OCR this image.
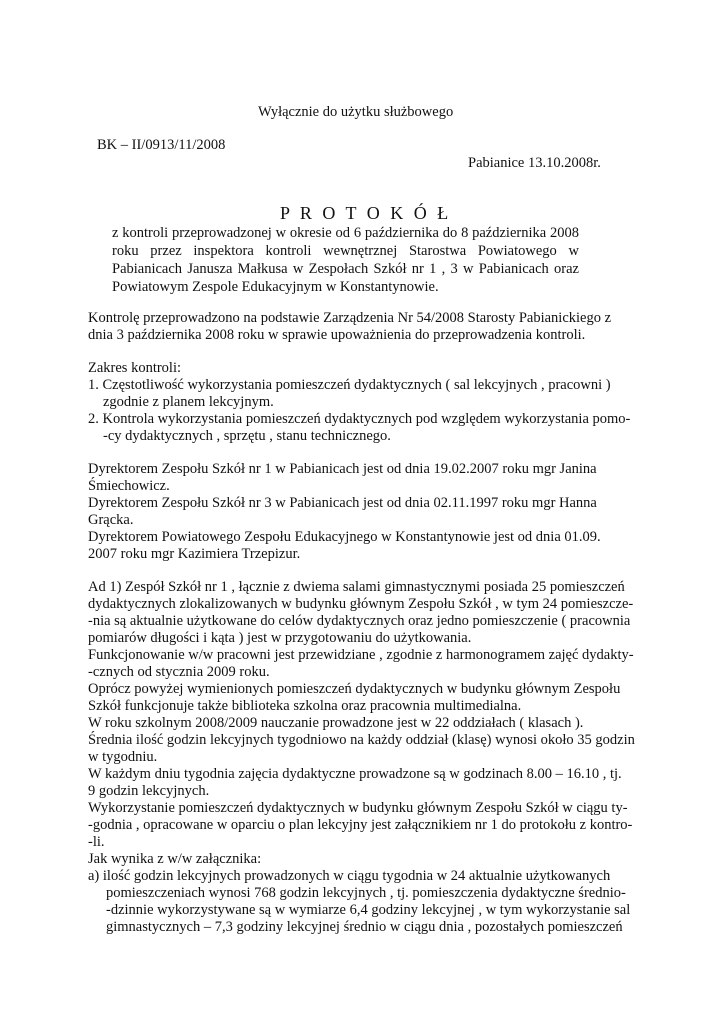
Wyłącznie do użytku służbowego
BK – II/0913/11/2008
Pabianice 13.10.2008r.
P R O T O K Ó Ł
z kontroli przeprowadzonej w okresie od 6 października do 8 października 2008
roku przez inspektora kontroli wewnętrznej Starostwa Powiatowego w
Pabianicach Janusza Małkusa w Zespołach Szkół nr 1 , 3 w Pabianicach oraz
Powiatowym Zespole Edukacyjnym w Konstantynowie.
Kontrolę przeprowadzono na podstawie Zarządzenia Nr 54/2008 Starosty Pabianickiego z
dnia 3 października 2008 roku w sprawie upoważnienia do przeprowadzenia kontroli.
Zakres kontroli:
1. Częstotliwość wykorzystania pomieszczeń dydaktycznych ( sal lekcyjnych , pracowni )
zgodnie z planem lekcyjnym.
2. Kontrola wykorzystania pomieszczeń dydaktycznych pod względem wykorzystania pomo-
-cy dydaktycznych , sprzętu , stanu technicznego.
Dyrektorem Zespołu Szkół nr 1 w Pabianicach jest od dnia 19.02.2007 roku mgr Janina
Śmiechowicz.
Dyrektorem Zespołu Szkół nr 3 w Pabianicach jest od dnia 02.11.1997 roku mgr Hanna
Grącka.
Dyrektorem Powiatowego Zespołu Edukacyjnego w Konstantynowie jest od dnia 01.09.
2007 roku mgr Kazimiera Trzepizur.
Ad 1) Zespół Szkół nr 1 , łącznie z dwiema salami gimnastycznymi posiada 25 pomieszczeń
dydaktycznych zlokalizowanych w budynku głównym Zespołu Szkół , w tym 24 pomieszcze-
-nia są aktualnie użytkowane do celów dydaktycznych oraz jedno pomieszczenie ( pracownia
pomiarów długości i kąta ) jest w przygotowaniu do użytkowania.
Funkcjonowanie w/w pracowni jest przewidziane , zgodnie z harmonogramem zajęć dydakty-
-cznych od stycznia 2009 roku.
Oprócz powyżej wymienionych pomieszczeń dydaktycznych w budynku głównym Zespołu
Szkół funkcjonuje także biblioteka szkolna oraz pracownia multimedialna.
W roku szkolnym 2008/2009 nauczanie prowadzone jest w 22 oddziałach ( klasach ).
Średnia ilość godzin lekcyjnych tygodniowo na każdy oddział (klasę) wynosi około 35 godzin
w tygodniu.
W każdym dniu tygodnia zajęcia dydaktyczne prowadzone są w godzinach 8.00 – 16.10 , tj.
9 godzin lekcyjnych.
Wykorzystanie pomieszczeń dydaktycznych w budynku głównym Zespołu Szkół w ciągu ty-
-godnia , opracowane w oparciu o plan lekcyjny jest załącznikiem nr 1 do protokołu z kontro-
-li.
Jak wynika z w/w załącznika:
a) ilość godzin lekcyjnych prowadzonych w ciągu tygodnia w 24 aktualnie użytkowanych
pomieszczeniach wynosi 768 godzin lekcyjnych , tj. pomieszczenia dydaktyczne średnio-
-dzinnie wykorzystywane są w wymiarze 6,4 godziny lekcyjnej , w tym wykorzystanie sal
gimnastycznych – 7,3 godziny lekcyjnej średnio w ciągu dnia , pozostałych pomieszczeń
